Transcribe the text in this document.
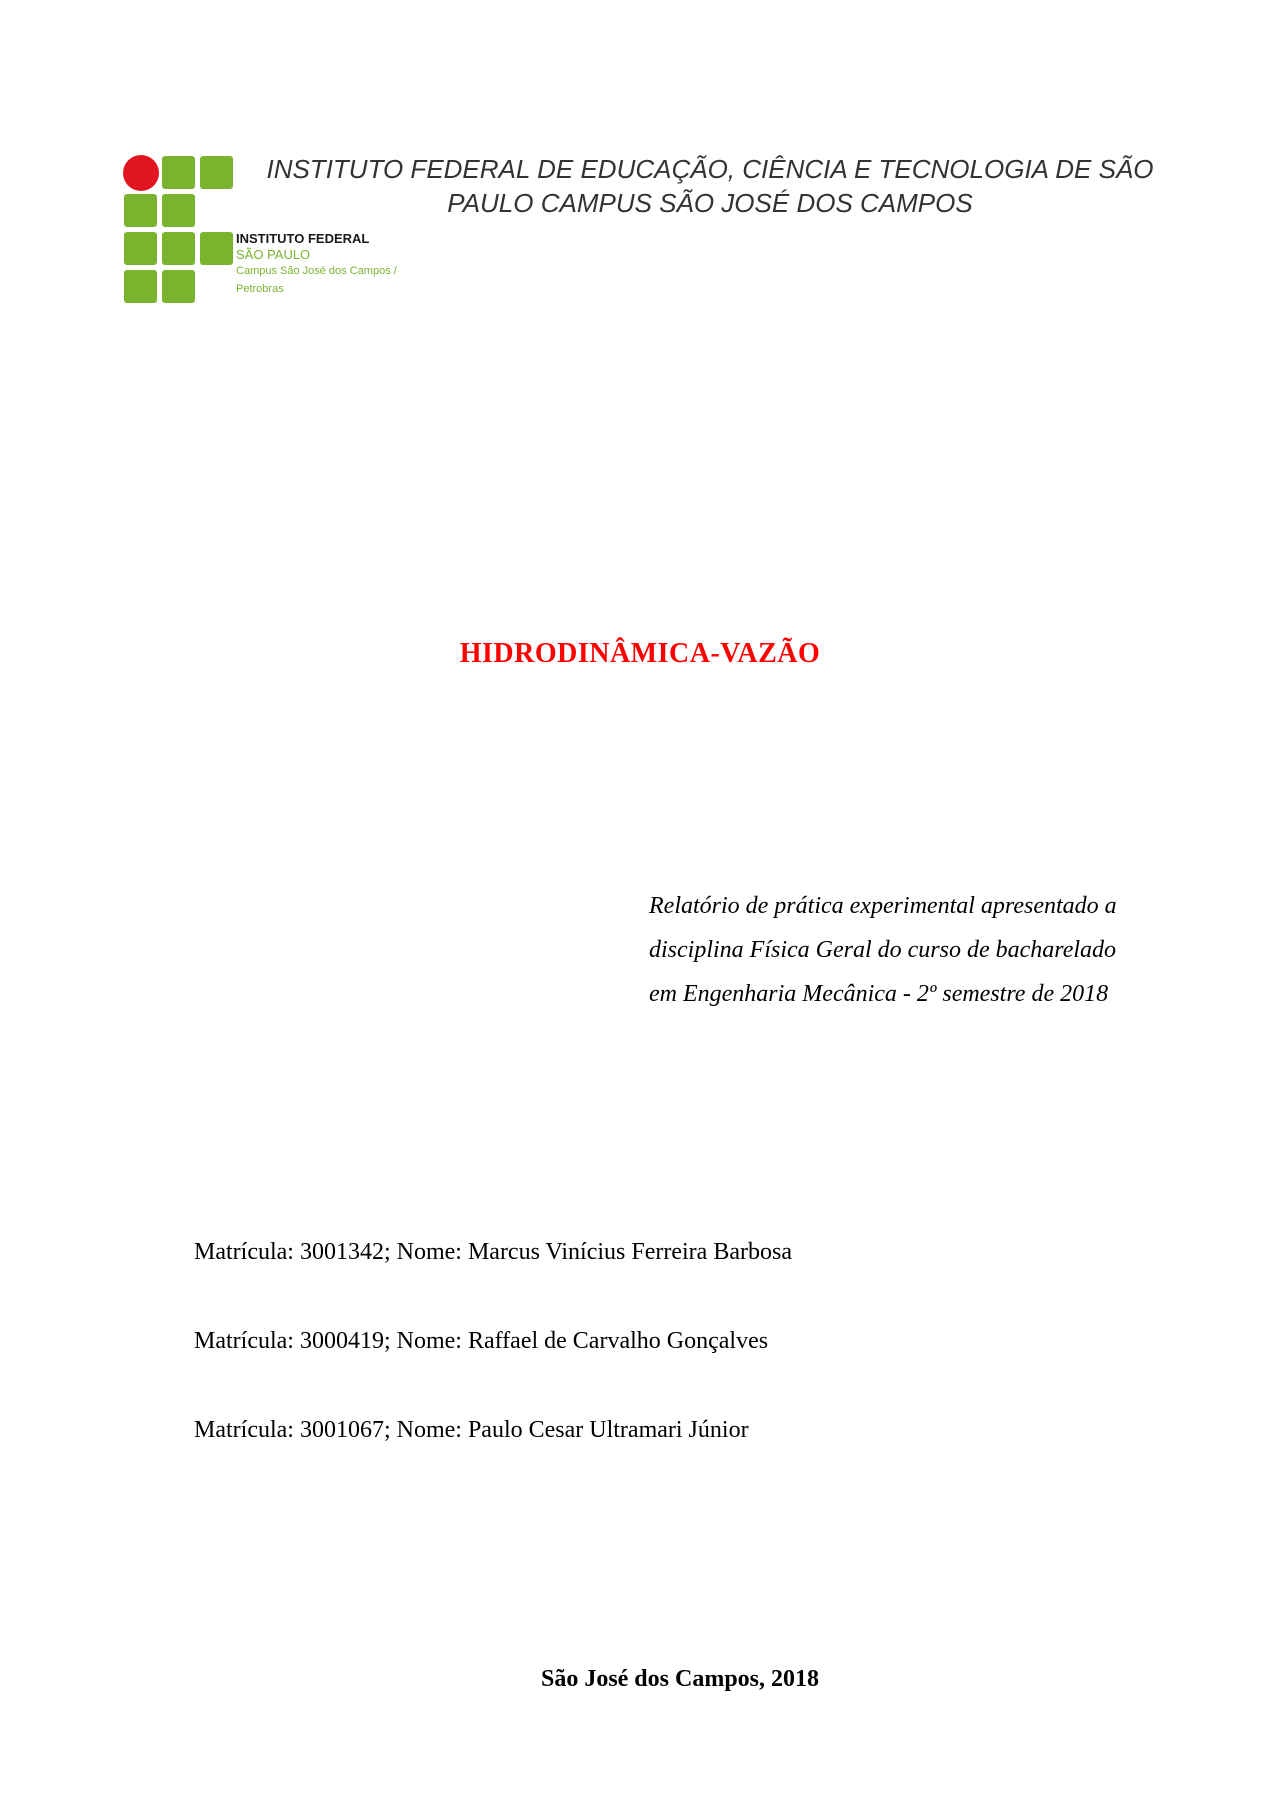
INSTITUTO FEDERAL
SÃO PAULO
Campus São José dos Campos /
Petrobras
INSTITUTO FEDERAL DE EDUCAÇÃO, CIÊNCIA E TECNOLOGIA DE SÃO
PAULO CAMPUS SÃO JOSÉ DOS CAMPOS
HIDRODINÂMICA-VAZÃO
Relatório de prática experimental apresentado a
disciplina Física Geral do curso de bacharelado
em Engenharia Mecânica - 2º semestre de 2018
Matrícula: 3001342; Nome: Marcus Vinícius Ferreira Barbosa
Matrícula: 3000419; Nome: Raffael de Carvalho Gonçalves
Matrícula: 3001067; Nome: Paulo Cesar Ultramari Júnior
São José dos Campos, 2018
